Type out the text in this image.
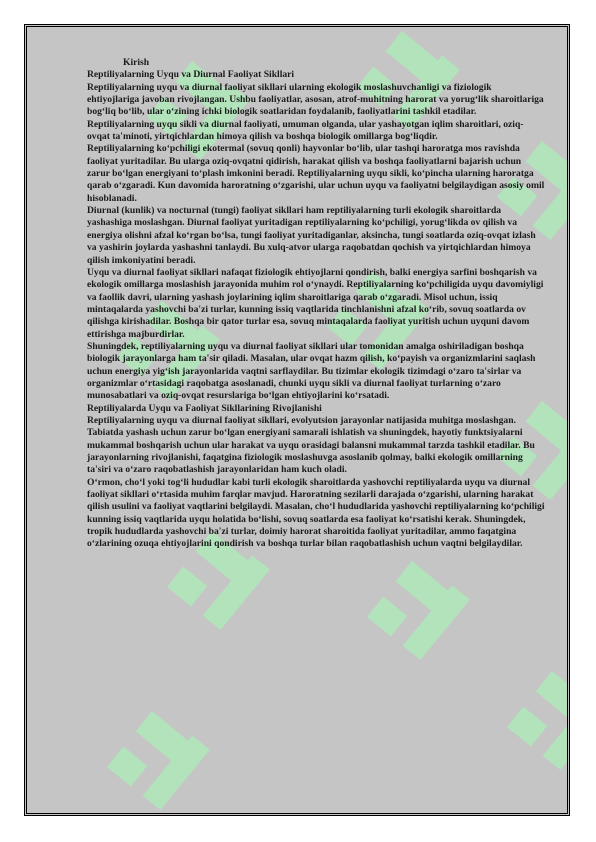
Kirish

Reptiliyalarning Uyqu va Diurnal Faoliyat Sikllari

Reptiliyalarning uyqu va diurnal faoliyat sikllari ularning ekologik moslashuvchanligi va fiziologik ehtiyojlariga javoban rivojlangan. Ushbu faoliyatlar, asosan, atrof-muhitning harorat va yorug‘lik sharoitlariga bog‘liq bo‘lib, ular o‘zining ichki biologik soatlaridan foydalanib, faoliyatlarini tashkil etadilar. Reptiliyalarning uyqu sikli va diurnal faoliyati, umuman olganda, ular yashayotgan iqlim sharoitlari, oziq-ovqat ta'minoti, yirtqichlardan himoya qilish va boshqa biologik omillarga bog‘liqdir.

Reptiliyalarning ko‘pchiligi ekotermal (sovuq qonli) hayvonlar bo‘lib, ular tashqi haroratga mos ravishda faoliyat yuritadilar. Bu ularga oziq-ovqatni qidirish, harakat qilish va boshqa faoliyatlarni bajarish uchun zarur bo‘lgan energiyani to‘plash imkonini beradi. Reptiliyalarning uyqu sikli, ko‘pincha ularning haroratga qarab o‘zgaradi. Kun davomida haroratning o‘zgarishi, ular uchun uyqu va faoliyatni belgilaydigan asosiy omil hisoblanadi.

Diurnal (kunlik) va nocturnal (tungi) faoliyat sikllari ham reptiliyalarning turli ekologik sharoitlarda yashashiga moslashgan. Diurnal faoliyat yuritadigan reptiliyalarning ko‘pchiligi, yorug‘likda ov qilish va energiya olishni afzal ko‘rgan bo‘lsa, tungi faoliyat yuritadiganlar, aksincha, tungi soatlarda oziq-ovqat izlash va yashirin joylarda yashashni tanlaydi. Bu xulq-atvor ularga raqobatdan qochish va yirtqichlardan himoya qilish imkoniyatini beradi.

Uyqu va diurnal faoliyat sikllari nafaqat fiziologik ehtiyojlarni qondirish, balki energiya sarfini boshqarish va ekologik omillarga moslashish jarayonida muhim rol o‘ynaydi. Reptiliyalarning ko‘pchiligida uyqu davomiyligi va faollik davri, ularning yashash joylarining iqlim sharoitlariga qarab o‘zgaradi. Misol uchun, issiq mintaqalarda yashovchi ba'zi turlar, kunning issiq vaqtlarida tinchlanishni afzal ko‘rib, sovuq soatlarda ov qilishga kirishadilar. Boshqa bir qator turlar esa, sovuq mintaqalarda faoliyat yuritish uchun uyquni davom ettirishga majburdirlar.

Shuningdek, reptiliyalarning uyqu va diurnal faoliyat sikllari ular tomonidan amalga oshiriladigan boshqa biologik jarayonlarga ham ta'sir qiladi. Masalan, ular ovqat hazm qilish, ko‘payish va organizmlarini saqlash uchun energiya yig‘ish jarayonlarida vaqtni sarflaydilar. Bu tizimlar ekologik tizimdagi o‘zaro ta'sirlar va organizmlar o‘rtasidagi raqobatga asoslanadi, chunki uyqu sikli va diurnal faoliyat turlarning o‘zaro munosabatlari va oziq-ovqat resurslariga bo‘lgan ehtiyojlarini ko‘rsatadi.

Reptiliyalarda Uyqu va Faoliyat Sikllarining Rivojlanishi

Reptiliyalarning uyqu va diurnal faoliyat sikllari, evolyutsion jarayonlar natijasida muhitga moslashgan. Tabiatda yashash uchun zarur bo‘lgan energiyani samarali ishlatish va shuningdek, hayotiy funktsiyalarni mukammal boshqarish uchun ular harakat va uyqu orasidagi balansni mukammal tarzda tashkil etadilar. Bu jarayonlarning rivojlanishi, faqatgina fiziologik moslashuvga asoslanib qolmay, balki ekologik omillarning ta'siri va o‘zaro raqobatlashish jarayonlaridan ham kuch oladi.

O‘rmon, cho‘l yoki tog‘li hududlar kabi turli ekologik sharoitlarda yashovchi reptiliyalarda uyqu va diurnal faoliyat sikllari o‘rtasida muhim farqlar mavjud. Haroratning sezilarli darajada o‘zgarishi, ularning harakat qilish usulini va faoliyat vaqtlarini belgilaydi. Masalan, cho‘l hududlarida yashovchi reptiliyalarning ko‘pchiligi kunning issiq vaqtlarida uyqu holatida bo‘lishi, sovuq soatlarda esa faoliyat ko‘rsatishi kerak. Shuningdek, tropik hududlarda yashovchi ba'zi turlar, doimiy harorat sharoitida faoliyat yuritadilar, ammo faqatgina o‘zlarining ozuqa ehtiyojlarini qondirish va boshqa turlar bilan raqobatlashish uchun vaqtni belgilaydilar.
